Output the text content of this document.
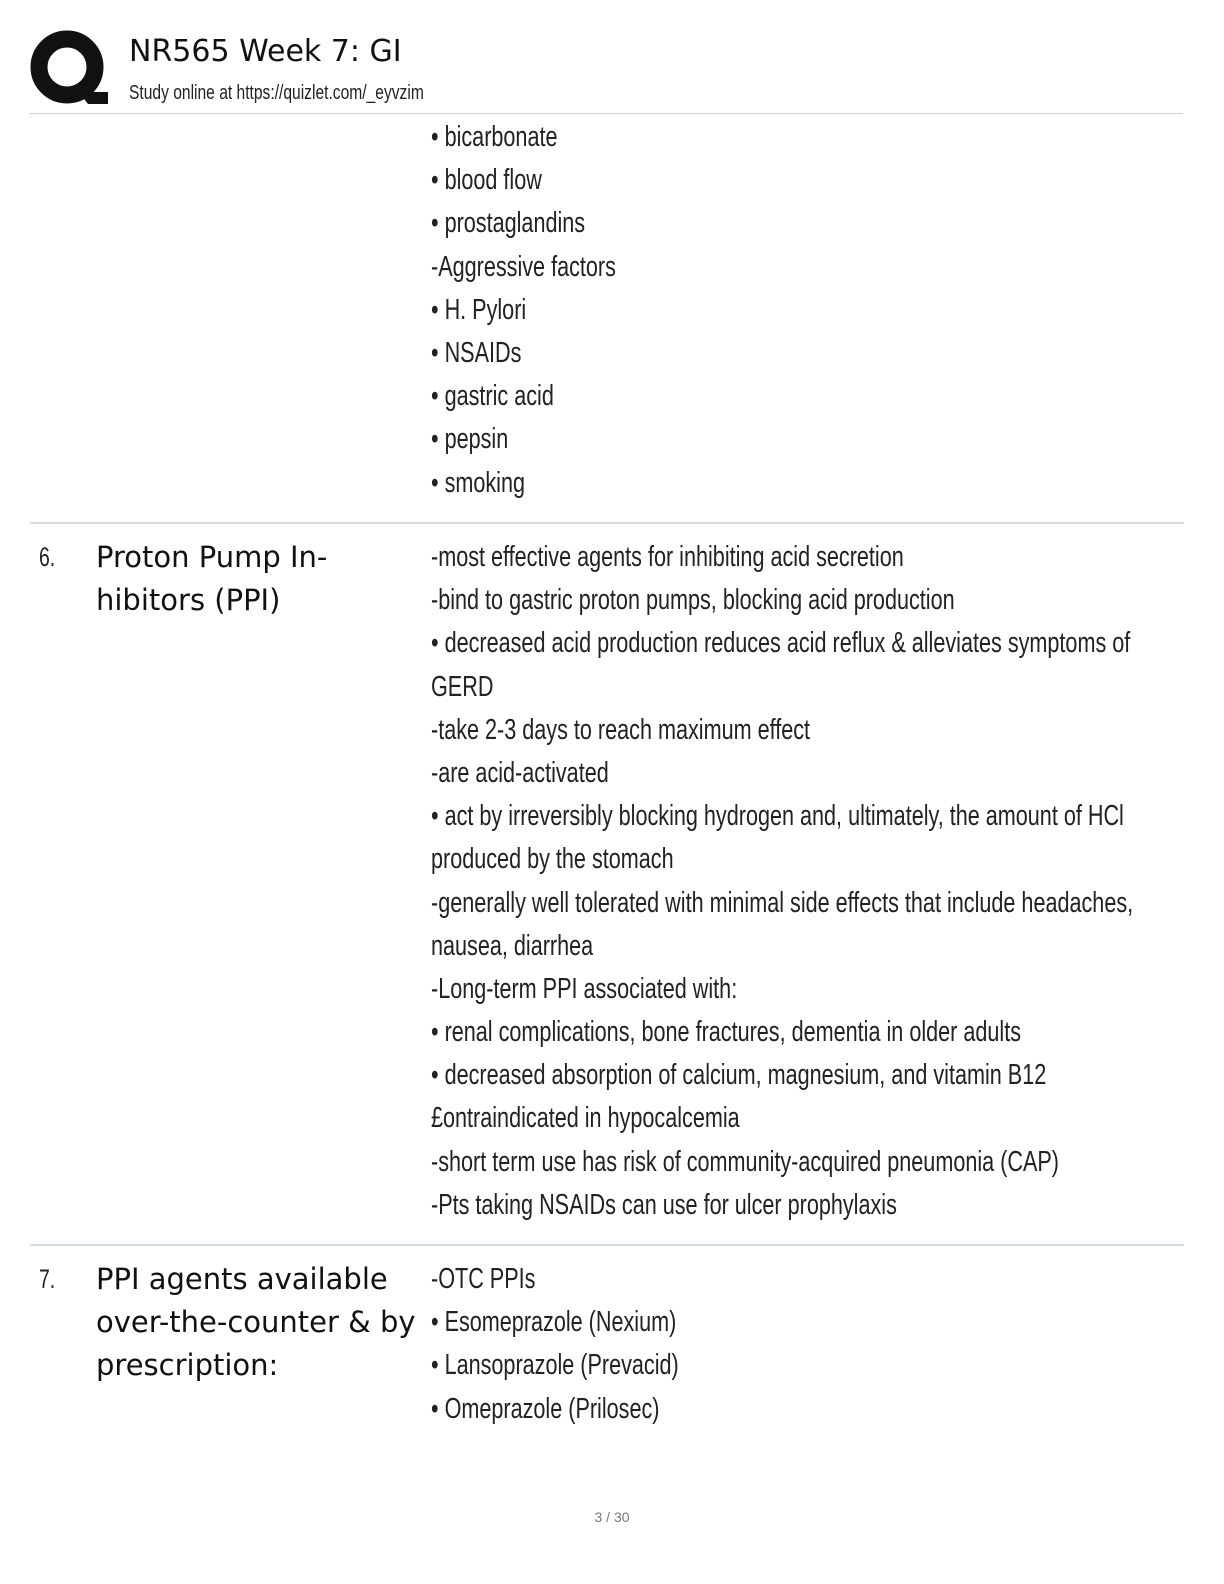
NR565 Week 7: GI
Study online at https://quizlet.com/_eyvzim
• bicarbonate
• blood flow
• prostaglandins
-Aggressive factors
• H. Pylori
• NSAIDs
• gastric acid
• pepsin
• smoking
6. Proton Pump In-
hibitors (PPI)
-most effective agents for inhibiting acid secretion
-bind to gastric proton pumps, blocking acid production
• decreased acid production reduces acid reflux & alleviates symptoms of
GERD
-take 2-3 days to reach maximum effect
-are acid-activated
• act by irreversibly blocking hydrogen and, ultimately, the amount of HCl
produced by the stomach
-generally well tolerated with minimal side effects that include headaches,
nausea, diarrhea
-Long-term PPI associated with:
• renal complications, bone fractures, dementia in older adults
• decreased absorption of calcium, magnesium, and vitamin B12
£ontraindicated in hypocalcemia
-short term use has risk of community-acquired pneumonia (CAP)
-Pts taking NSAIDs can use for ulcer prophylaxis
7. PPI agents available
over-the-counter & by
prescription:
-OTC PPIs
• Esomeprazole (Nexium)
• Lansoprazole (Prevacid)
• Omeprazole (Prilosec)
3 / 30
